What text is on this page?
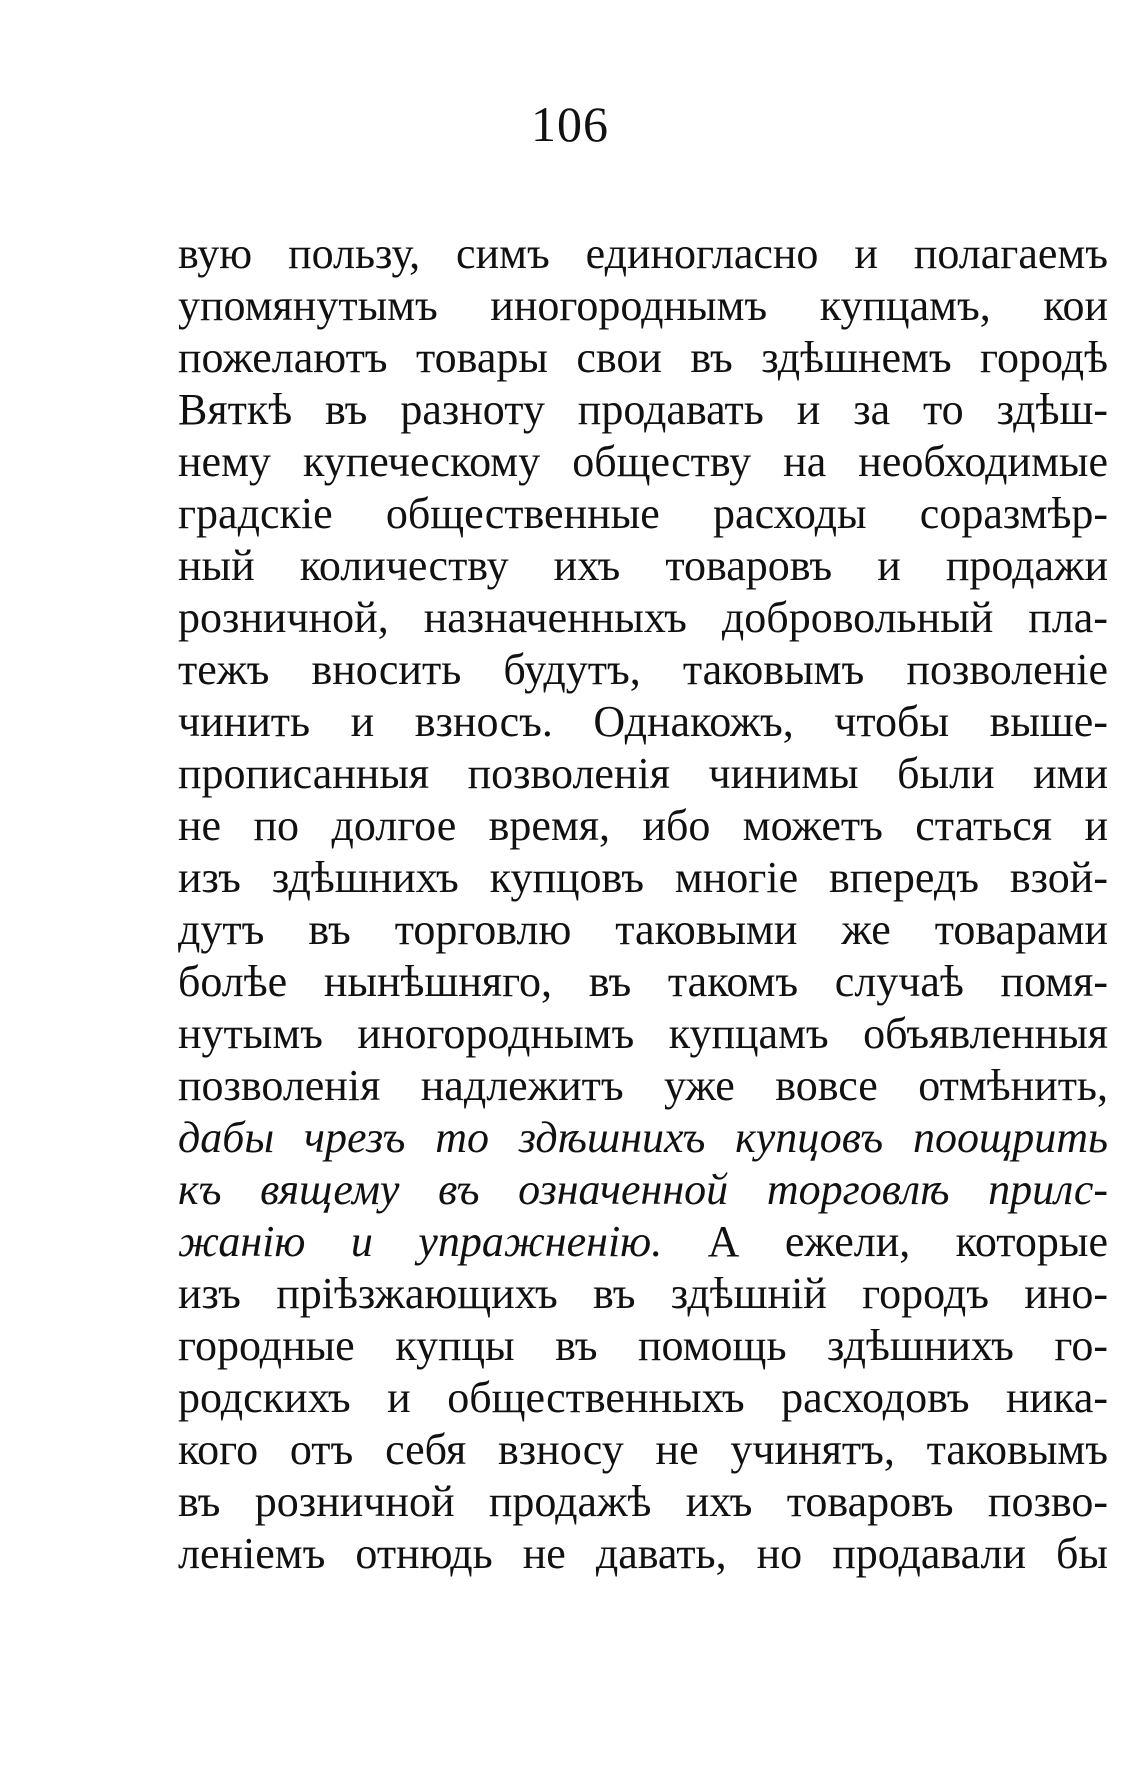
106
вую пользу, симъ единогласно и полагаемъ
упомянутымъ иногороднымъ купцамъ, кои
пожелаютъ товары свои въ здѣшнемъ городѣ
Вяткѣ въ разноту продавать и за то здѣш-
нему купеческому обществу на необходимые
градскіе общественные расходы соразмѣр-
ный количеству ихъ товаровъ и продажи
розничной, назначенныхъ добровольный пла-
тежъ вносить будутъ, таковымъ позволеніе
чинить и взносъ. Однакожъ, чтобы выше-
прописанныя позволенія чинимы были ими
не по долгое время, ибо можетъ статься и
изъ здѣшнихъ купцовъ многіе впередъ взой-
дутъ въ торговлю таковыми же товарами
болѣе нынѣшняго, въ такомъ случаѣ помя-
нутымъ иногороднымъ купцамъ объявленныя
позволенія надлежитъ уже вовсе отмѣнить,
дабы чрезъ то здѣшнихъ купцовъ поощрить
къ вящему въ означенной торговлѣ прилс-
жанію и упражненію. А ежели, которые
изъ пріѣзжающихъ въ здѣшній городъ ино-
городные купцы въ помощь здѣшнихъ го-
родскихъ и общественныхъ расходовъ ника-
кого отъ себя взносу не учинятъ, таковымъ
въ розничной продажѣ ихъ товаровъ позво-
леніемъ отнюдь не давать, но продавали бы
